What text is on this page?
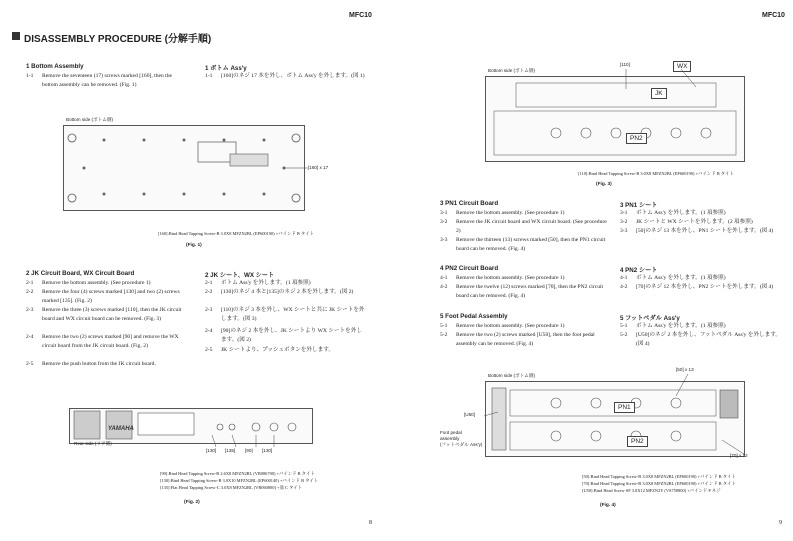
MFC10	MFC10
DISASSEMBLY PROCEDURE (分解手順)
1 Bottom Assembly	1 ボトム Ass'y
1-1 Remove the seventeen (17) screws marked [160], then the bottom assembly can be removed. (Fig. 1)
1-1 [160]のネジ 17 本を外し、ボトム Ass'y を外します。(図 1)
Bottom side (ボトム側)
[160] x 17
[160]:Bind Head Tapping Screw-B 3.0X8 MFZN2BL (EP600190) +バインド B タイト
(Fig. 1)
2 JK Circuit Board, WX Circuit Board	2 JK シート、WX シート
2-1 Remove the bottom assembly. (See procedure 1)
2-2 Remove the four (4) screws marked [130] and two (2) screws marked [135]. (Fig. 2)
2-3 Remove the three (3) screws marked [110], then the JK circuit board and WX circuit board can be removed. (Fig. 3)
2-4 Remove the two (2) screws marked [90] and remove the WX circuit board from the JK circuit board. (Fig. 2)
2-5 Remove the push button from the JK circuit board.
2-1 ボトム Ass'y を外します。(1 項参照)
2-2 [130]のネジ 4 本と[135]のネジ 2 本を外します。(図 2)
2-3 [110]のネジ 3 本を外し、WX シートと共に JK シートを外します。(図 3)
2-4 [90]のネジ 2 本を外し、JK シートより WX シートを外します。(図 2)
2-5 JK シートより、プッシュボタンを外します。
YAMAHA
Rear side (リア側)
[130] [135] [90] [130]
[90]:Bind Head Tapping Screw-B 2.6X8 MFZN2BL (VB086700) +バインド B タイト
[130]:Bind Head Tapping Screw-B 3.0X10 MFZN2BL (EP600140) +バインド B タイト
[135]:Flat Head Tapping Screw-C 3.0X8 MFZN2BL (VR060800) +皿 C タイト
(Fig. 2)
8
Bottom side (ボトム側)
[110]	WX
JK
PN2
[110]:Bind Head Tapping Screw-B 3.0X8 MFZN2BL (EP600190) +バインド B タイト
(Fig. 3)
3 PN1 Circuit Board	3 PN1 シート
3-1 Remove the bottom assembly. (See procedure 1)
3-2 Remove the JK circuit board and WX circuit board. (See procedure 2)
3-3 Remove the thirteen (13) screws marked [50], then the PN1 circuit board can be removed. (Fig. 4)
3-1 ボトム Ass'y を外します。(1 項参照)
3-2 JK シートと WX シートを外します。(2 項参照)
3-3 [50]のネジ 13 本を外し、PN1 シートを外します。(図 4)
4 PN2 Circuit Board	4 PN2 シート
4-1 Remove the bottom assembly. (See procedure 1)
4-2 Remove the twelve (12) screws marked [70], then the PN2 circuit board can be removed. (Fig. 4)
4-1 ボトム Ass'y を外します。(1 項参照)
4-2 [70]のネジ 12 本を外し、PN2 シートを外します。(図 4)
5 Foot Pedal Assembly	5 フットペダル Ass'y
5-1 Remove the bottom assembly. (See procedure 1)
5-2 Remove the two (2) screws marked [U50], then the foot pedal assembly can be removed. (Fig. 4)
5-1 ボトム Ass'y を外します。(1 項参照)
5-2 [U50]のネジ 2 本を外し、フットペダル Ass'y を外します。(図 4)
Bottom side (ボトム側)
[50] x 13
[U50]
Foot pedal
assembly
(フットペダル Ass'y)
PN1
PN2
[70] x 12
[50]:Bind Head Tapping Screw-B 3.0X8 MFZN2BL (EP600190) +バインド B タイト
[70]:Bind Head Tapping Screw-B 3.0X8 MFZN2BL (EP600190) +バインド B タイト
[U50]:Bind Head Screw SF 3.0X12 MFZN2Y (VS758800) +バインド P ネジ
(Fig. 4)
9
